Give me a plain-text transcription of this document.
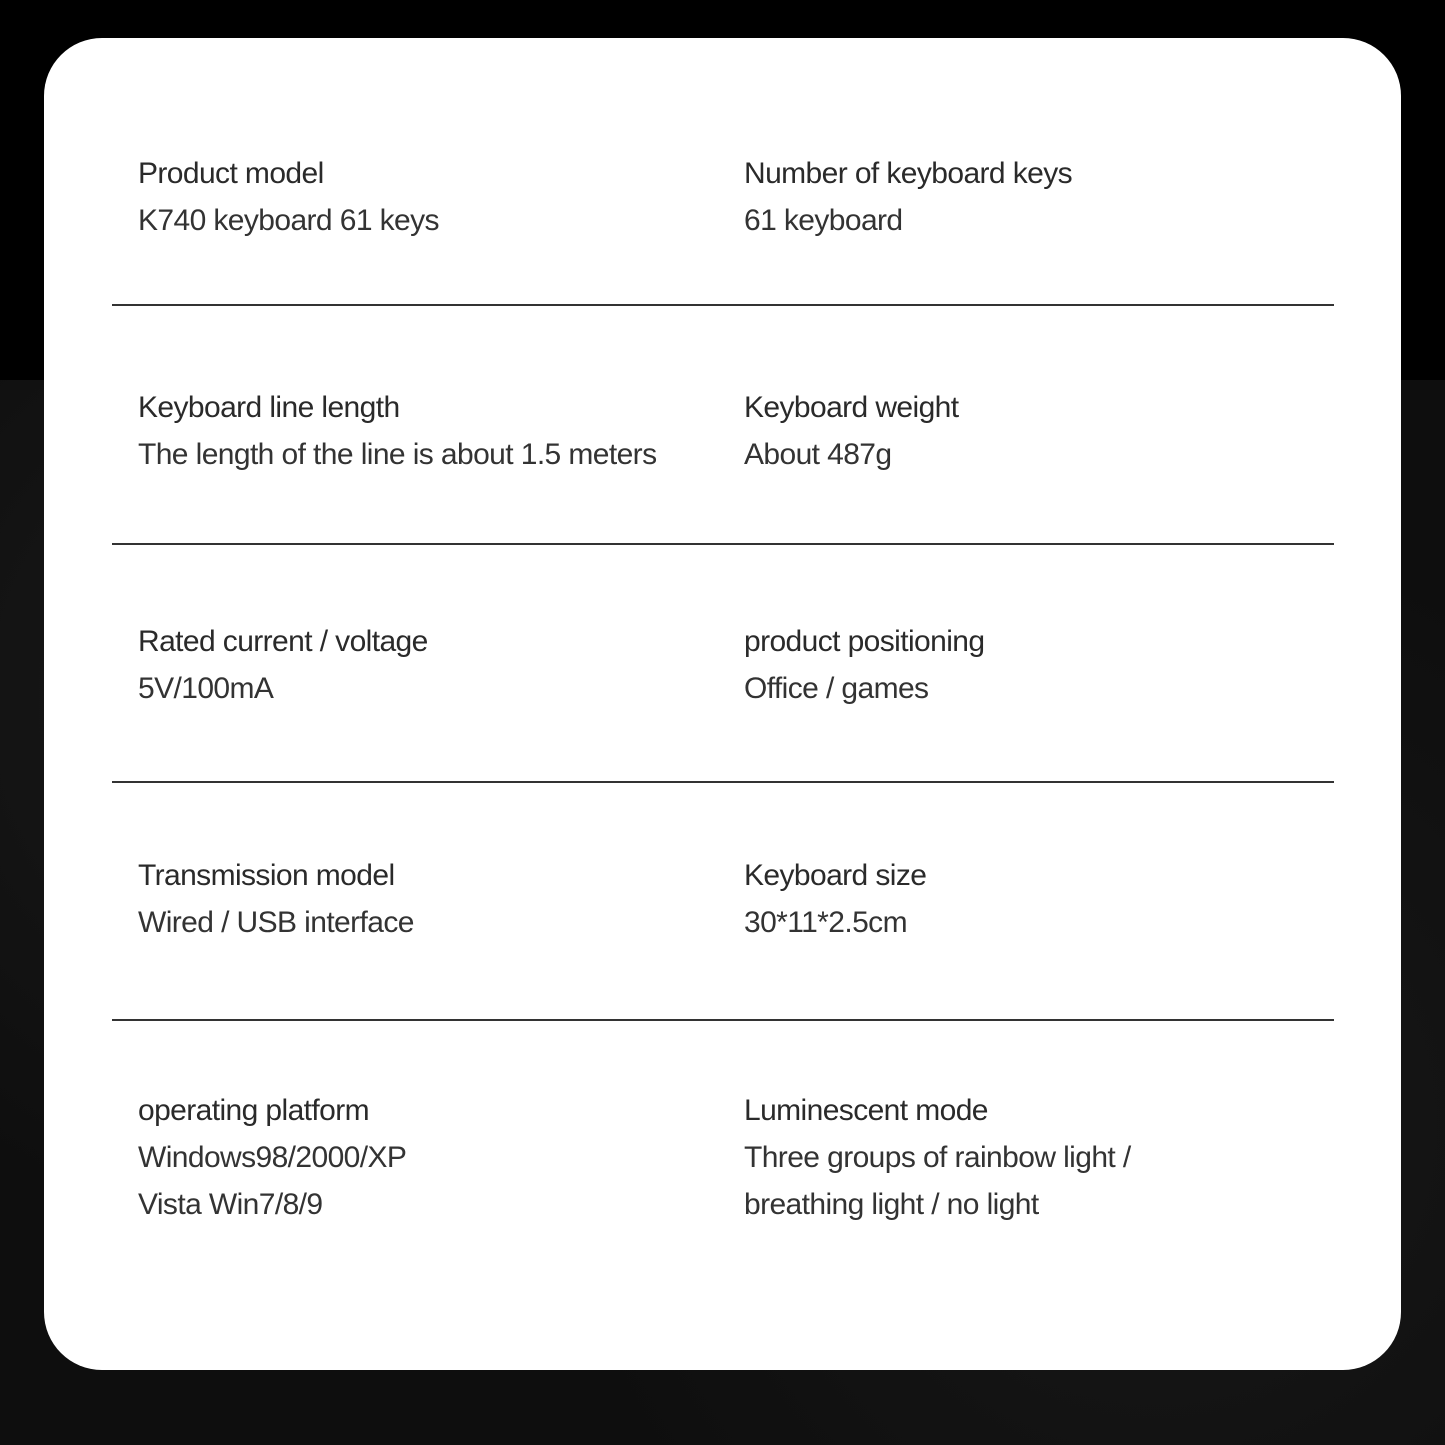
Product model
K740 keyboard 61 keys
Number of keyboard keys
61 keyboard
Keyboard line length
The length of the line is about 1.5 meters
Keyboard weight
About 487g
Rated current / voltage
5V/100mA
product positioning
Office / games
Transmission model
Wired / USB interface
Keyboard size
30*11*2.5cm
operating platform
Windows98/2000/XP
Vista Win7/8/9
Luminescent mode
Three groups of rainbow light /
breathing light / no light
